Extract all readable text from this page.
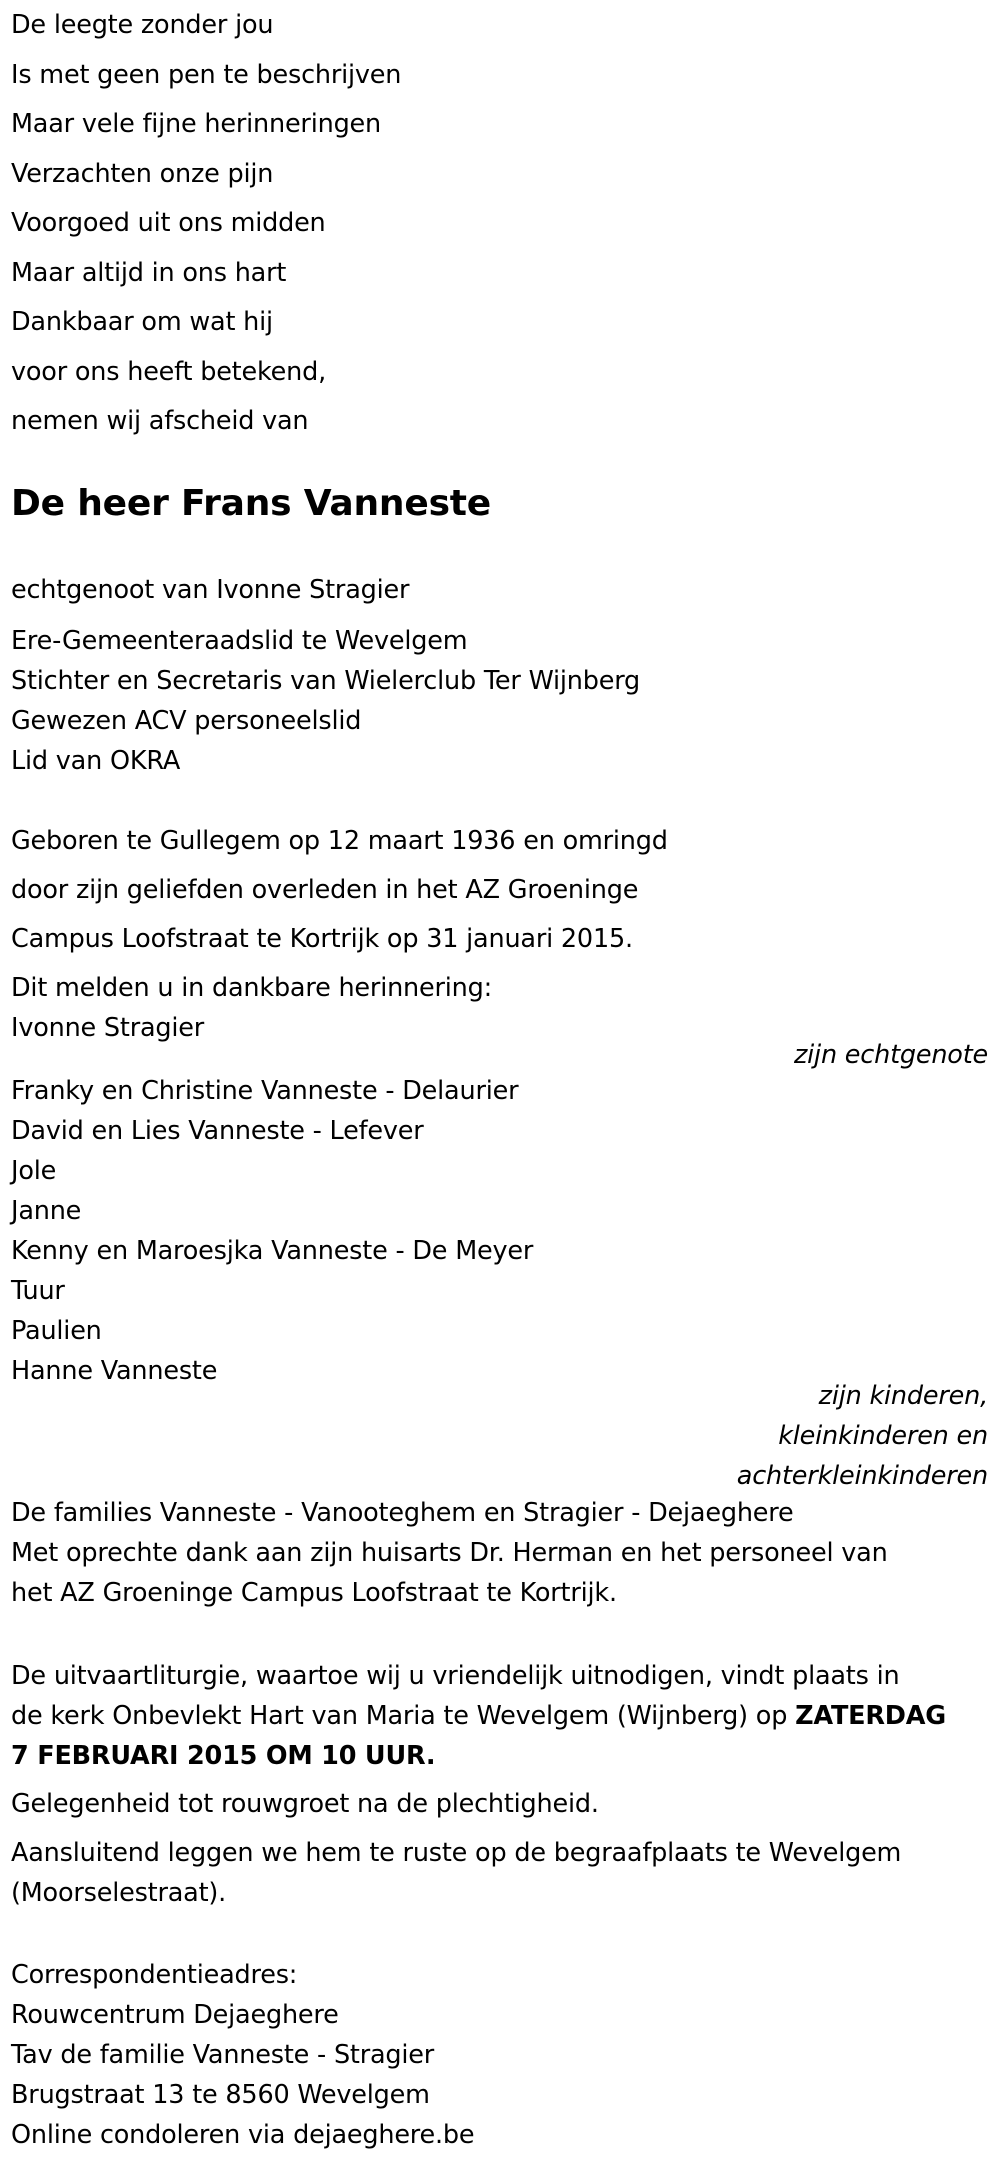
De leegte zonder jou
Is met geen pen te beschrijven
Maar vele fijne herinneringen
Verzachten onze pijn
Voorgoed uit ons midden
Maar altijd in ons hart
Dankbaar om wat hij
voor ons heeft betekend,
nemen wij afscheid van
De heer Frans Vanneste
echtgenoot van Ivonne Stragier
Ere-Gemeenteraadslid te Wevelgem
Stichter en Secretaris van Wielerclub Ter Wijnberg
Gewezen ACV personeelslid
Lid van OKRA
Geboren te Gullegem op 12 maart 1936 en omringd
door zijn geliefden overleden in het AZ Groeninge
Campus Loofstraat te Kortrijk op 31 januari 2015.
Dit melden u in dankbare herinnering:
Ivonne Stragier
zijn echtgenote
Franky en Christine Vanneste - Delaurier
David en Lies Vanneste - Lefever
Jole
Janne
Kenny en Maroesjka Vanneste - De Meyer
Tuur
Paulien
Hanne Vanneste
zijn kinderen,
kleinkinderen en
achterkleinkinderen
De families Vanneste - Vanooteghem en Stragier - Dejaeghere
Met oprechte dank aan zijn huisarts Dr. Herman en het personeel van
het AZ Groeninge Campus Loofstraat te Kortrijk.
De uitvaartliturgie, waartoe wij u vriendelijk uitnodigen, vindt plaats in
de kerk Onbevlekt Hart van Maria te Wevelgem (Wijnberg) op ZATERDAG
7 FEBRUARI 2015 OM 10 UUR.
Gelegenheid tot rouwgroet na de plechtigheid.
Aansluitend leggen we hem te ruste op de begraafplaats te Wevelgem
(Moorselestraat).
Correspondentieadres:
Rouwcentrum Dejaeghere
Tav de familie Vanneste - Stragier
Brugstraat 13 te 8560 Wevelgem
Online condoleren via dejaeghere.be
